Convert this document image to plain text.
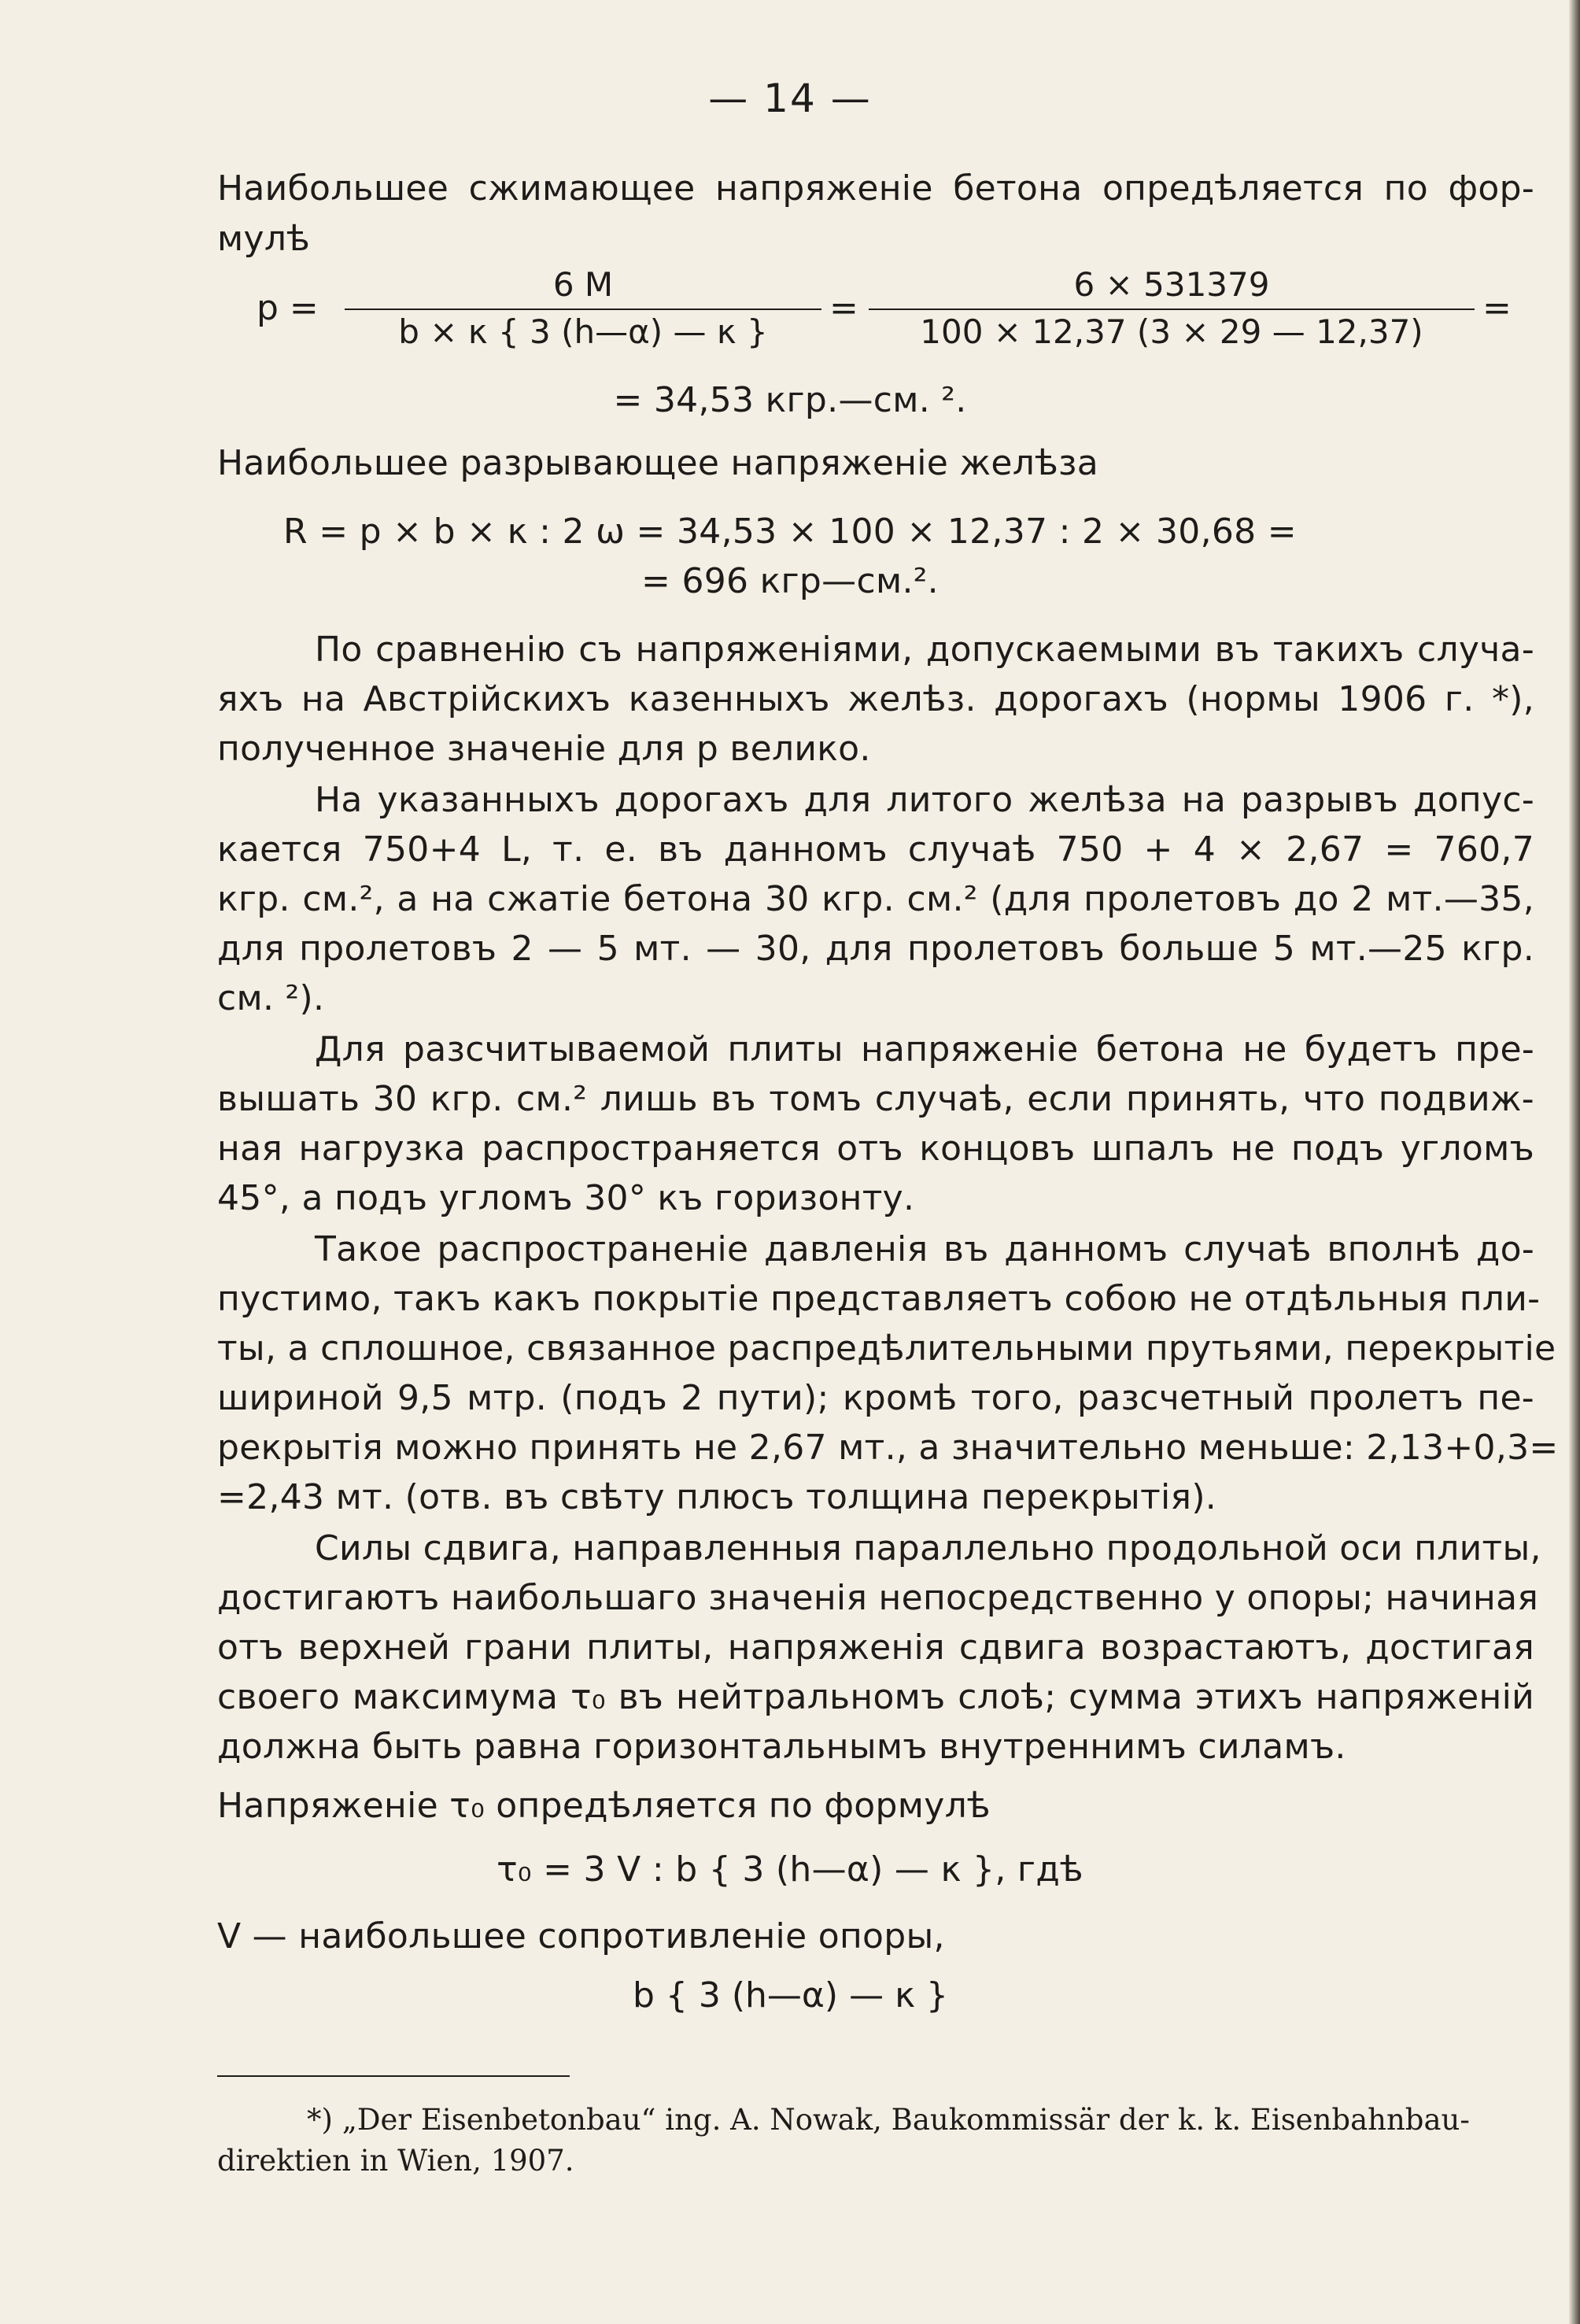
— 14 —
Наибольшее сжимающее напряженіе бетона опредѣляется по фор-
мулѣ
p =
6 M
b × κ { 3 (h—α) — κ }
=
6 × 531379
100 × 12,37 (3 × 29 — 12,37)
=
= 34,53 кгр.—см. ².
Наибольшее разрывающее напряженіе желѣза
R = p × b × κ : 2 ω = 34,53 × 100 × 12,37 : 2 × 30,68 =
= 696 кгр—см.².
По сравненію съ напряженіями, допускаемыми въ такихъ случа-
яхъ на Австрійскихъ казенныхъ желѣз. дорогахъ (нормы 1906 г. *),
полученное значеніе для p велико.
На указанныхъ дорогахъ для литого желѣза на разрывъ допус-
кается 750+4 L, т. е. въ данномъ случаѣ 750 + 4 × 2,67 = 760,7
кгр. см.², а на сжатіе бетона 30 кгр. см.² (для пролетовъ до 2 мт.—35,
для пролетовъ 2 — 5 мт. — 30, для пролетовъ больше 5 мт.—25 кгр.
см. ²).
Для разсчитываемой плиты напряженіе бетона не будетъ пре-
вышать 30 кгр. см.² лишь въ томъ случаѣ, если принять, что подвиж-
ная нагрузка распространяется отъ концовъ шпалъ не подъ угломъ
45°, а подъ угломъ 30° къ горизонту.
Такое распространеніе давленія въ данномъ случаѣ вполнѣ до-
пустимо, такъ какъ покрытіе представляетъ собою не отдѣльныя пли-
ты, а сплошное, связанное распредѣлительными прутьями, перекрытіе
шириной 9,5 мтр. (подъ 2 пути); кромѣ того, разсчетный пролетъ пе-
рекрытія можно принять не 2,67 мт., а значительно меньше: 2,13+0,3=
=2,43 мт. (отв. въ свѣту плюсъ толщина перекрытія).
Силы сдвига, направленныя параллельно продольной оси плиты,
достигаютъ наибольшаго значенія непосредственно у опоры; начиная
отъ верхней грани плиты, напряженія сдвига возрастаютъ, достигая
своего максимума τ₀ въ нейтральномъ слоѣ; сумма этихъ напряженій
должна быть равна горизонтальнымъ внутреннимъ силамъ.
Напряженіе τ₀ опредѣляется по формулѣ
τ₀ = 3 V : b { 3 (h—α) — κ }, гдѣ
V — наибольшее сопротивленіе опоры,
b { 3 (h—α) — κ }
*) „Der Eisenbetonbau“ ing. A. Nowak, Baukommissär der k. k. Eisenbahnbau-
direktien in Wien, 1907.
